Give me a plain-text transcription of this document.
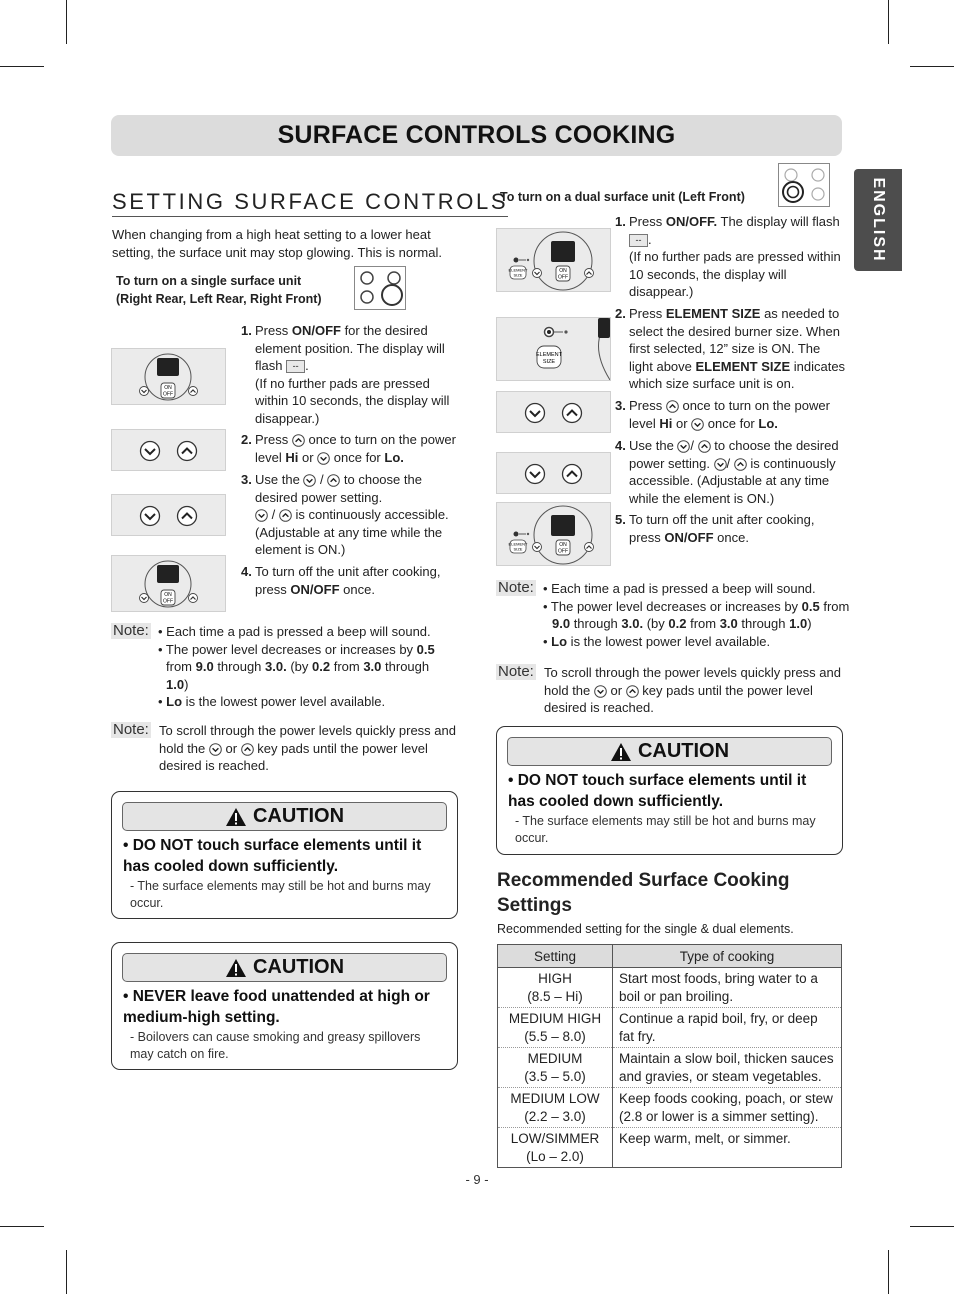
SURFACE CONTROLS COOKING
ENGLISH
SETTING SURFACE CONTROLS
When changing from a high heat setting to a lower heat setting, the surface unit may stop glowing. This is normal.
To turn on a single surface unit
(Right Rear, Left Rear, Right Front)
ON
OFF
ON
OFF
1. Press ON/OFF for the desired element position. The display will flash -- .
(If no further pads are pressed within 10 seconds, the display will disappear.)
2. Press  once to turn on the power level Hi or  once for Lo.
3. Use the  /  to choose the desired power setting.
/  is continuously accessible. (Adjustable at any time while the element is ON.)
4. To turn off the unit after cooking, press ON/OFF once.
Note: • Each time a pad is pressed a beep will sound.
• The power level decreases or increases by 0.5
from 9.0 through 3.0. (by 0.2 from 3.0 through
1.0)
• Lo is the lowest power level available.
Note: To scroll through the power levels quickly press and hold the  or  key pads until the power level desired is reached.
CAUTION
• DO NOT touch surface elements until it has cooled down sufficiently.
- The surface elements may still be hot and burns may occur.
CAUTION
• NEVER leave food unattended at high or medium-high setting.
- Boilovers can cause smoking and greasy spillovers may catch on fire.
To turn on a dual surface unit (Left Front)
ELEMENT
SIZE
ON
OFF
ELEMENT
SIZE
ELEMENT
SIZE
ON
OFF
1. Press ON/OFF. The display will flash -- .
(If no further pads are pressed within 10 seconds, the display will disappear.)
2. Press ELEMENT SIZE as needed to select the desired burner size. When first selected, 12” size is ON. The light above ELEMENT SIZE indicates which size surface unit is on.
3. Press  once to turn on the power level Hi or  once for Lo.
4. Use the /  to choose the desired power setting. /  is continuously accessible. (Adjustable at any time while the element is ON.)
5. To turn off the unit after cooking, press ON/OFF once.
Note: • Each time a pad is pressed a beep will sound.
• The power level decreases or increases by 0.5 from
9.0 through 3.0. (by 0.2 from 3.0 through 1.0)
• Lo is the lowest power level available.
Note: To scroll through the power levels quickly press and hold the  or  key pads until the power level desired is reached.
CAUTION
• DO NOT touch surface elements until it has cooled down sufficiently.
- The surface elements may still be hot and burns may occur.
Recommended Surface Cooking Settings
Recommended setting for the single & dual elements.
Setting	Type of cooking

HIGH
(8.5 – Hi)	Start most foods, bring water to a boil or pan broiling.

MEDIUM HIGH
(5.5 – 8.0)	Continue a rapid boil, fry, or deep fat fry.

MEDIUM
(3.5 – 5.0)	Maintain a slow boil, thicken sauces and gravies, or steam vegetables.

MEDIUM LOW
(2.2 – 3.0)	Keep foods cooking, poach, or stew (2.8 or lower is a simmer setting).

LOW/SIMMER
(Lo – 2.0)	Keep warm, melt, or simmer.
- 9 -
